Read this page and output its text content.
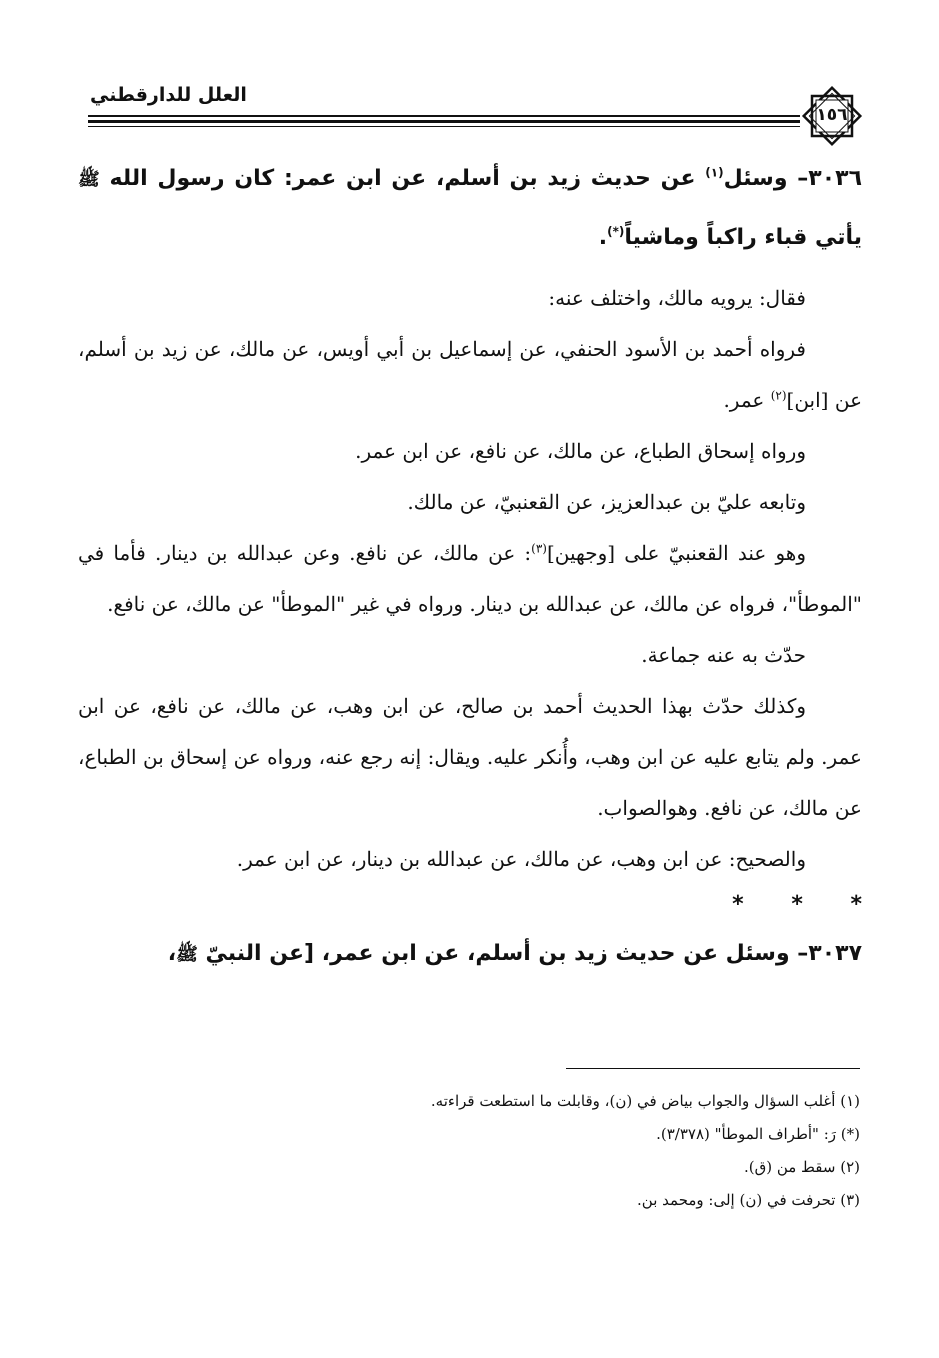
العلل للدارقطني
١٥٦

٣٠٣٦– وسئل$^{(١)}$ عن حديث زيد بن أسلم، عن ابن عمر: كان رسول الله ﷺ يأتي قباء راكباً وماشياً(*).

فقال: يرويه مالك، واختلف عنه:

فرواه أحمد بن الأسود الحنفي، عن إسماعيل بن أبي أويس، عن مالك، عن زيد بن أسلم، عن [ابن]$^{(٢)}$ عمر.

ورواه إسحاق الطباع، عن مالك، عن نافع، عن ابن عمر.

وتابعه عليّ بن عبدالعزيز، عن القعنبيّ، عن مالك.

وهو عند القعنبيّ على [وجهين]$^{(٣)}$: عن مالك، عن نافع. وعن عبدالله بن دينار. فأما في "الموطأ"، فرواه عن مالك، عن عبدالله بن دينار. ورواه في غير "الموطأ" عن مالك، عن نافع.

حدّث به عنه جماعة.

وكذلك حدّث بهذا الحديث أحمد بن صالح، عن ابن وهب، عن مالك، عن نافع، عن ابن عمر. ولم يتابع عليه عن ابن وهب، وأُنكر عليه. ويقال: إنه رجع عنه، ورواه عن إسحاق بن الطباع، عن مالك، عن نافع. وهوالصواب.

والصحيح: عن ابن وهب، عن مالك، عن عبدالله بن دينار، عن ابن عمر.

* * *

٣٠٣٧– وسئل عن حديث زيد بن أسلم، عن ابن عمر، [عن النبيّ ﷺ،

(١) أغلب السؤال والجواب بياض في (ن)، وقابلت ما استطعت قراءته.

(*) رَ: "أطراف الموطأ" (٣/٣٧٨).

(٢) سقط من (ق).

(٣) تحرفت في (ن) إلى: ومحمد بن.
